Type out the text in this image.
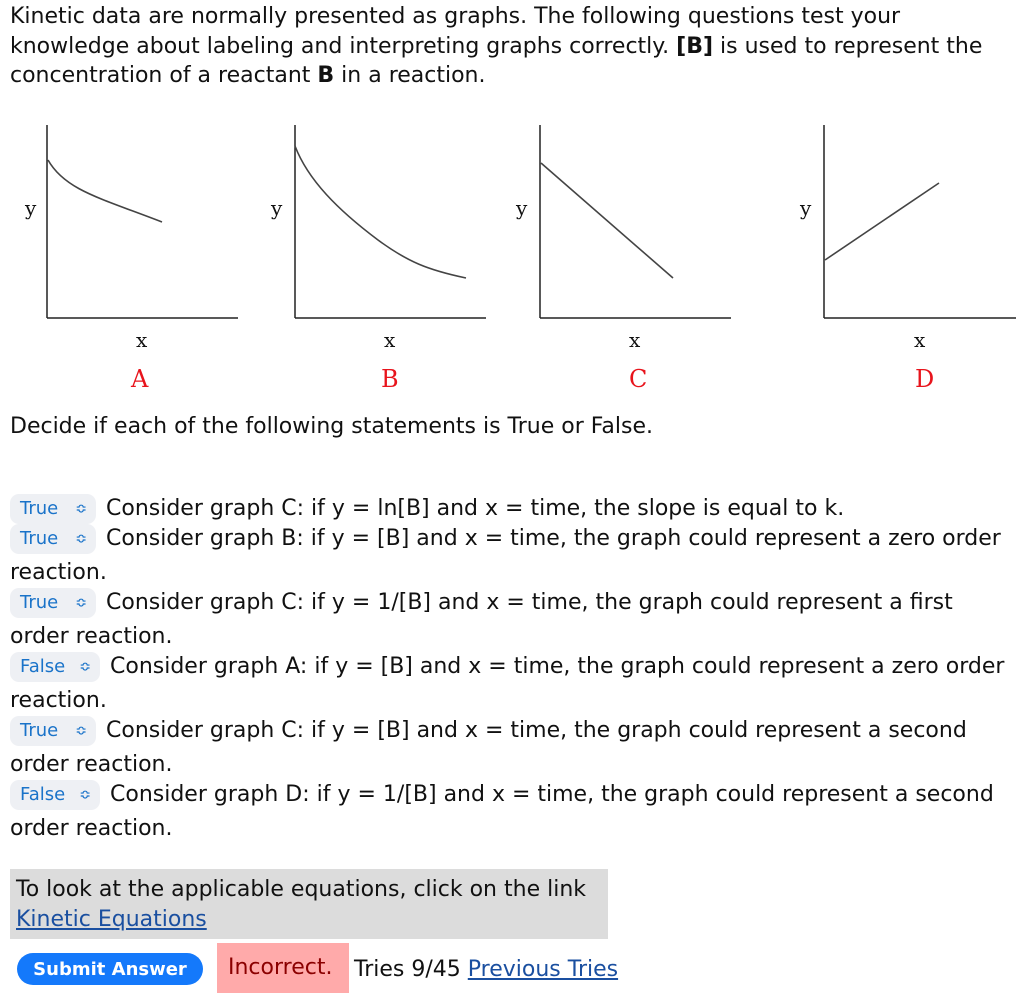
Kinetic data are normally presented as graphs. The following questions test your knowledge about labeling and interpreting graphs correctly. [B] is used to represent the concentration of a reactant B in a reaction.

y
x
A
y
x
B
y
x
C
y
x
D

Decide if each of the following statements is True or False.

True ≎ Consider graph C: if y = ln[B] and x = time, the slope is equal to k.

True ≎ Consider graph B: if y = [B] and x = time, the graph could represent a zero order reaction.

True ≎ Consider graph C: if y = 1/[B] and x = time, the graph could represent a first order reaction.

False ≎ Consider graph A: if y = [B] and x = time, the graph could represent a zero order reaction.

True ≎ Consider graph C: if y = [B] and x = time, the graph could represent a second order reaction.

False ≎ Consider graph D: if y = 1/[B] and x = time, the graph could represent a second order reaction.

To look at the applicable equations, click on the link
Kinetic Equations
Submit Answer	Incorrect. Tries 9/45 Previous Tries
